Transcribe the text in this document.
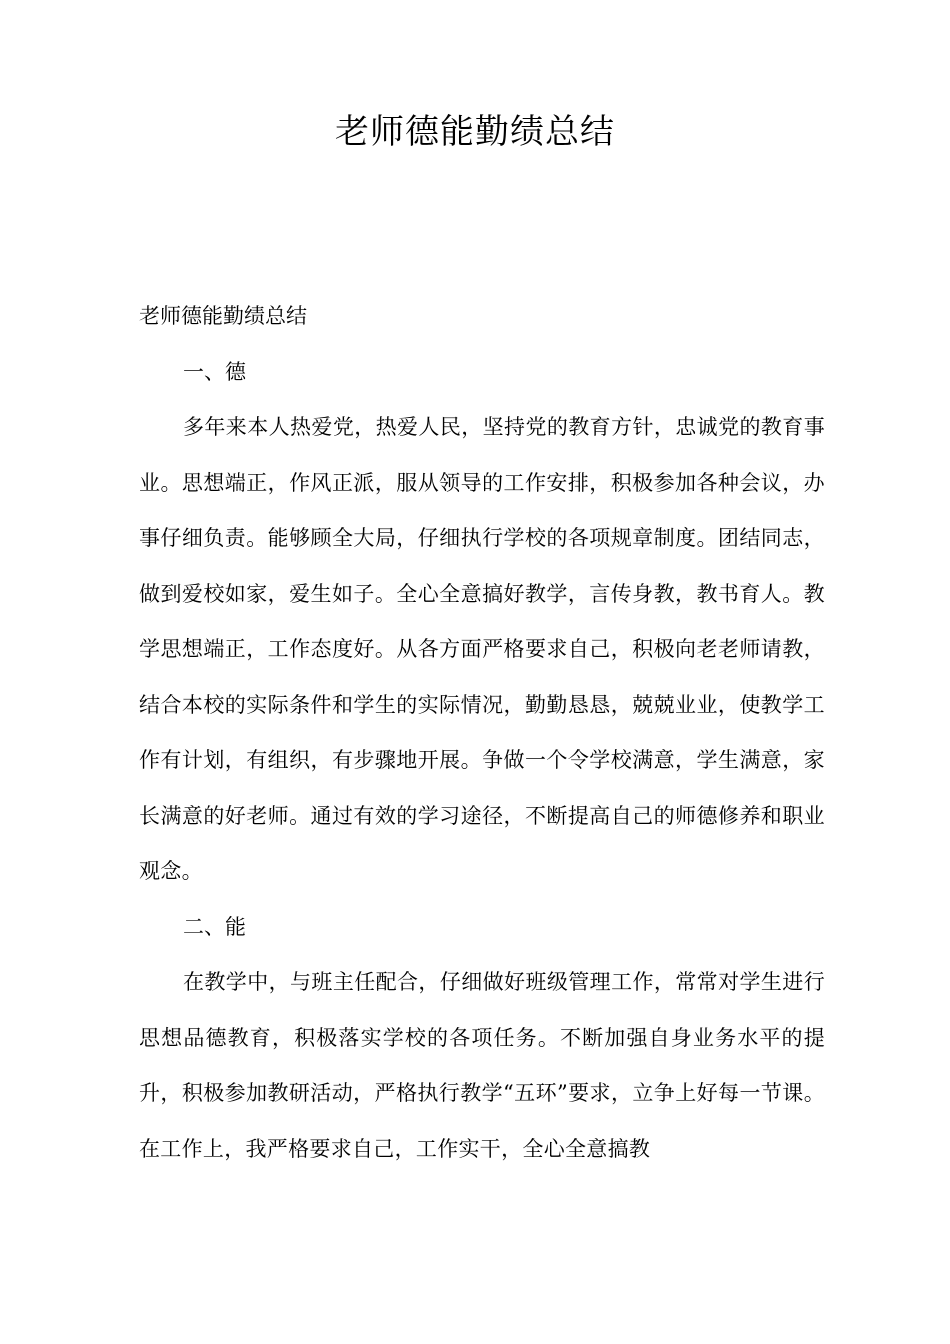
老师德能勤绩总结

老师德能勤绩总结

一、德

多年来本人热爱党，热爱人民，坚持党的教育方针，忠诚党的教育事业。思想端正，作风正派，服从领导的工作安排，积极参加各种会议，办事仔细负责。能够顾全大局，仔细执行学校的各项规章制度。团结同志，做到爱校如家，爱生如子。全心全意搞好教学，言传身教，教书育人。教学思想端正，工作态度好。从各方面严格要求自己，积极向老老师请教，结合本校的实际条件和学生的实际情况，勤勤恳恳，兢兢业业，使教学工作有计划，有组织，有步骤地开展。争做一个令学校满意，学生满意，家长满意的好老师。通过有效的学习途径，不断提高自己的师德修养和职业观念。

二、能

在教学中，与班主任配合，仔细做好班级管理工作，常常对学生进行思想品德教育，积极落实学校的各项任务。不断加强自身业务水平的提升，积极参加教研活动，严格执行教学“五环”要求，立争上好每一节课。在工作上，我严格要求自己，工作实干，全心全意搞教
